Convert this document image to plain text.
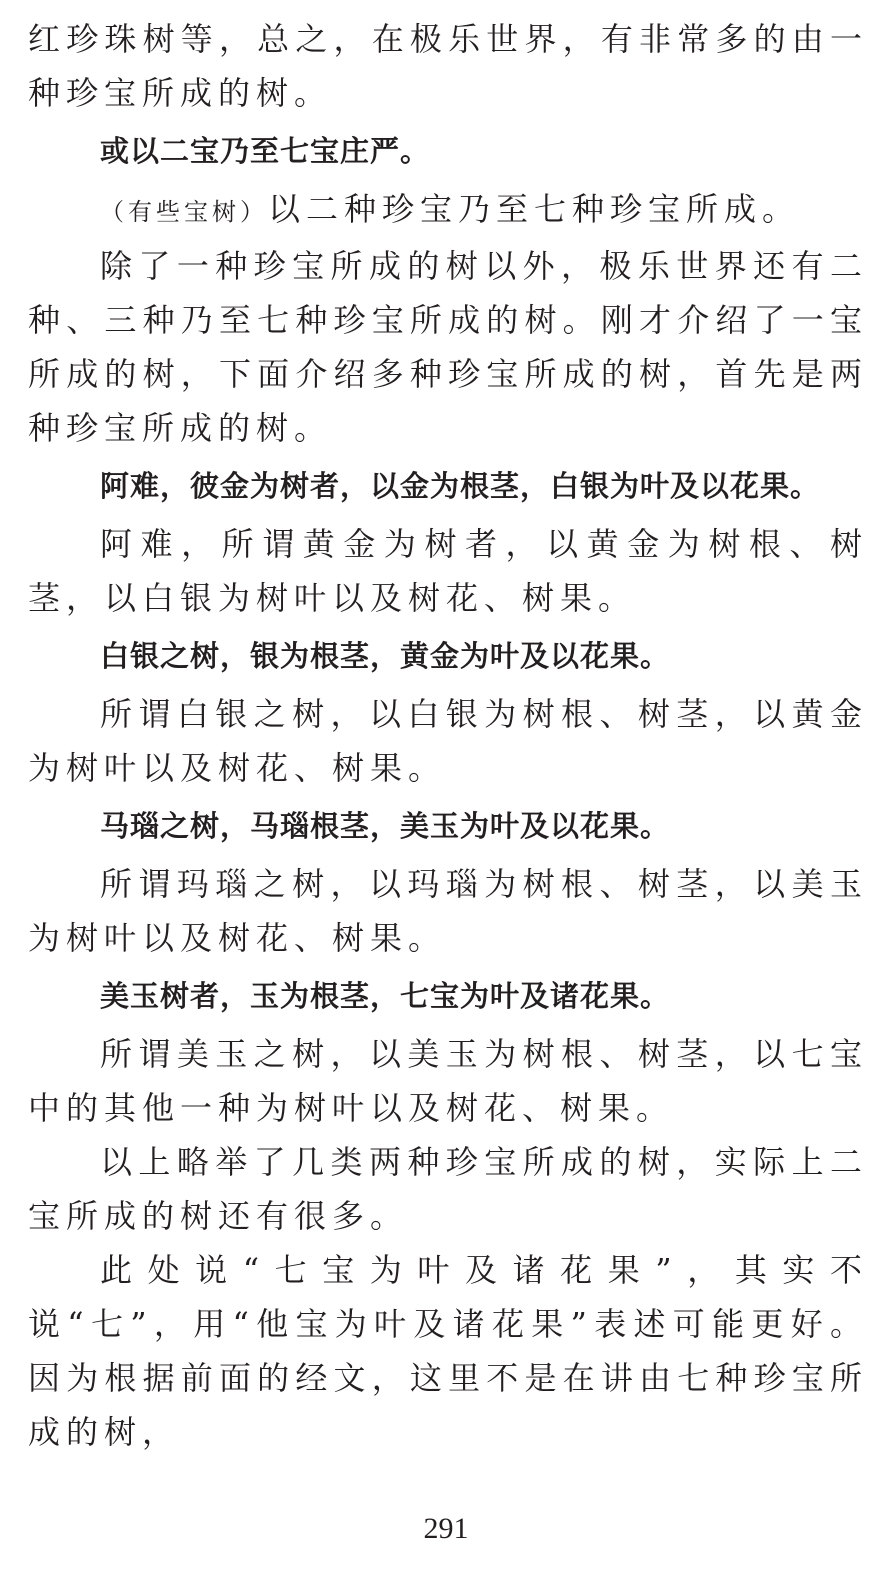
红珍珠树等，总之，在极乐世界，有非常多的由一种珍宝所成的树。

或以二宝乃至七宝庄严。

（有些宝树）以二种珍宝乃至七种珍宝所成。

除了一种珍宝所成的树以外，极乐世界还有二种、三种乃至七种珍宝所成的树。刚才介绍了一宝所成的树，下面介绍多种珍宝所成的树，首先是两种珍宝所成的树。

阿难，彼金为树者，以金为根茎，白银为叶及以花果。

阿难，所谓黄金为树者，以黄金为树根、树茎，以白银为树叶以及树花、树果。

白银之树，银为根茎，黄金为叶及以花果。

所谓白银之树，以白银为树根、树茎，以黄金为树叶以及树花、树果。

马瑙之树，马瑙根茎，美玉为叶及以花果。

所谓玛瑙之树，以玛瑙为树根、树茎，以美玉为树叶以及树花、树果。

美玉树者，玉为根茎，七宝为叶及诸花果。

所谓美玉之树，以美玉为树根、树茎，以七宝中的其他一种为树叶以及树花、树果。

以上略举了几类两种珍宝所成的树，实际上二宝所成的树还有很多。

此处说“七宝为叶及诸花果”，其实不说“七”，用“他宝为叶及诸花果”表述可能更好。因为根据前面的经文，这里不是在讲由七种珍宝所成的树，

291
